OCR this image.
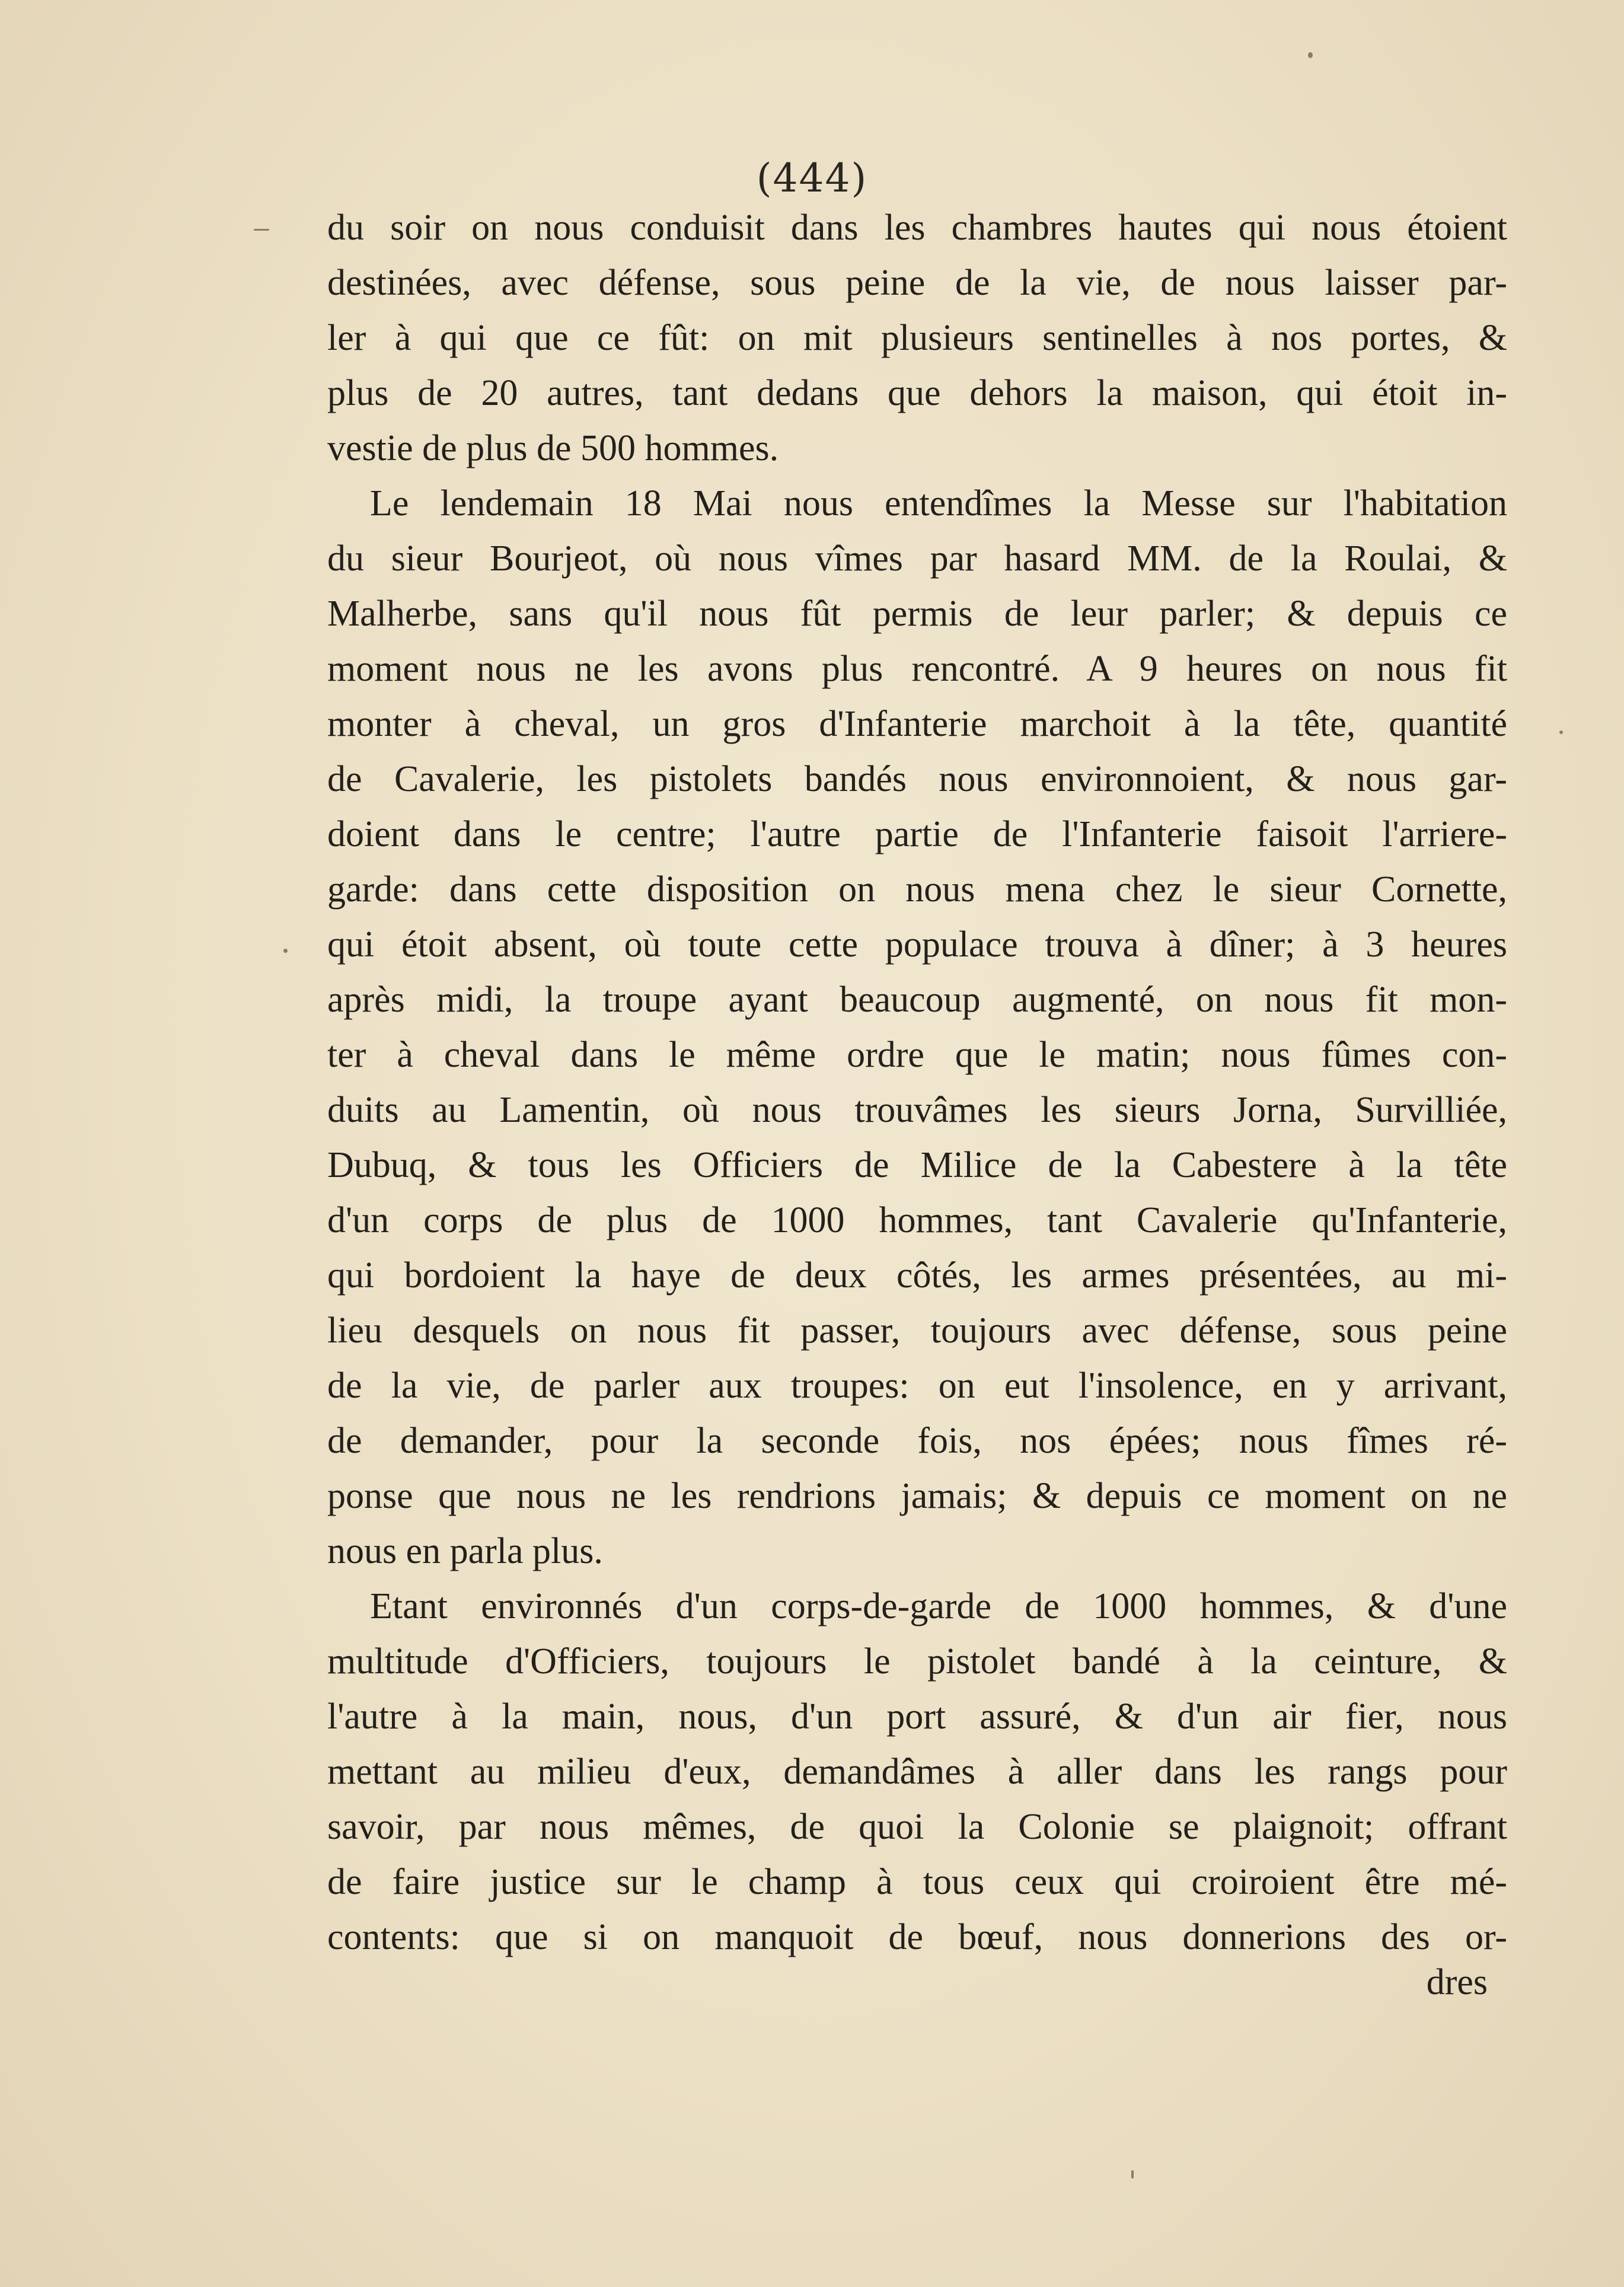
(444)
du soir on nous conduisit dans les chambres hautes qui nous étoient
destinées, avec défense, sous peine de la vie, de nous laisser par-
ler à qui que ce fût: on mit plusieurs sentinelles à nos portes, &
plus de 20 autres, tant dedans que dehors la maison, qui étoit in-
vestie de plus de 500 hommes.
Le lendemain 18 Mai nous entendîmes la Messe sur l'habitation
du sieur Bourjeot, où nous vîmes par hasard MM. de la Roulai, &
Malherbe, sans qu'il nous fût permis de leur parler; & depuis ce
moment nous ne les avons plus rencontré. A 9 heures on nous fit
monter à cheval, un gros d'Infanterie marchoit à la tête, quantité
de Cavalerie, les pistolets bandés nous environnoient, & nous gar-
doient dans le centre; l'autre partie de l'Infanterie faisoit l'arriere-
garde: dans cette disposition on nous mena chez le sieur Cornette,
qui étoit absent, où toute cette populace trouva à dîner; à 3 heures
après midi, la troupe ayant beaucoup augmenté, on nous fit mon-
ter à cheval dans le même ordre que le matin; nous fûmes con-
duits au Lamentin, où nous trouvâmes les sieurs Jorna, Survilliée,
Dubuq, & tous les Officiers de Milice de la Cabestere à la tête
d'un corps de plus de 1000 hommes, tant Cavalerie qu'Infanterie,
qui bordoient la haye de deux côtés, les armes présentées, au mi-
lieu desquels on nous fit passer, toujours avec défense, sous peine
de la vie, de parler aux troupes: on eut l'insolence, en y arrivant,
de demander, pour la seconde fois, nos épées; nous fîmes ré-
ponse que nous ne les rendrions jamais; & depuis ce moment on ne
nous en parla plus.
Etant environnés d'un corps-de-garde de 1000 hommes, & d'une
multitude d'Officiers, toujours le pistolet bandé à la ceinture, &
l'autre à la main, nous, d'un port assuré, & d'un air fier, nous
mettant au milieu d'eux, demandâmes à aller dans les rangs pour
savoir, par nous mêmes, de quoi la Colonie se plaignoit; offrant
de faire justice sur le champ à tous ceux qui croiroient être mé-
contents: que si on manquoit de bœuf, nous donnerions des or-
dres
